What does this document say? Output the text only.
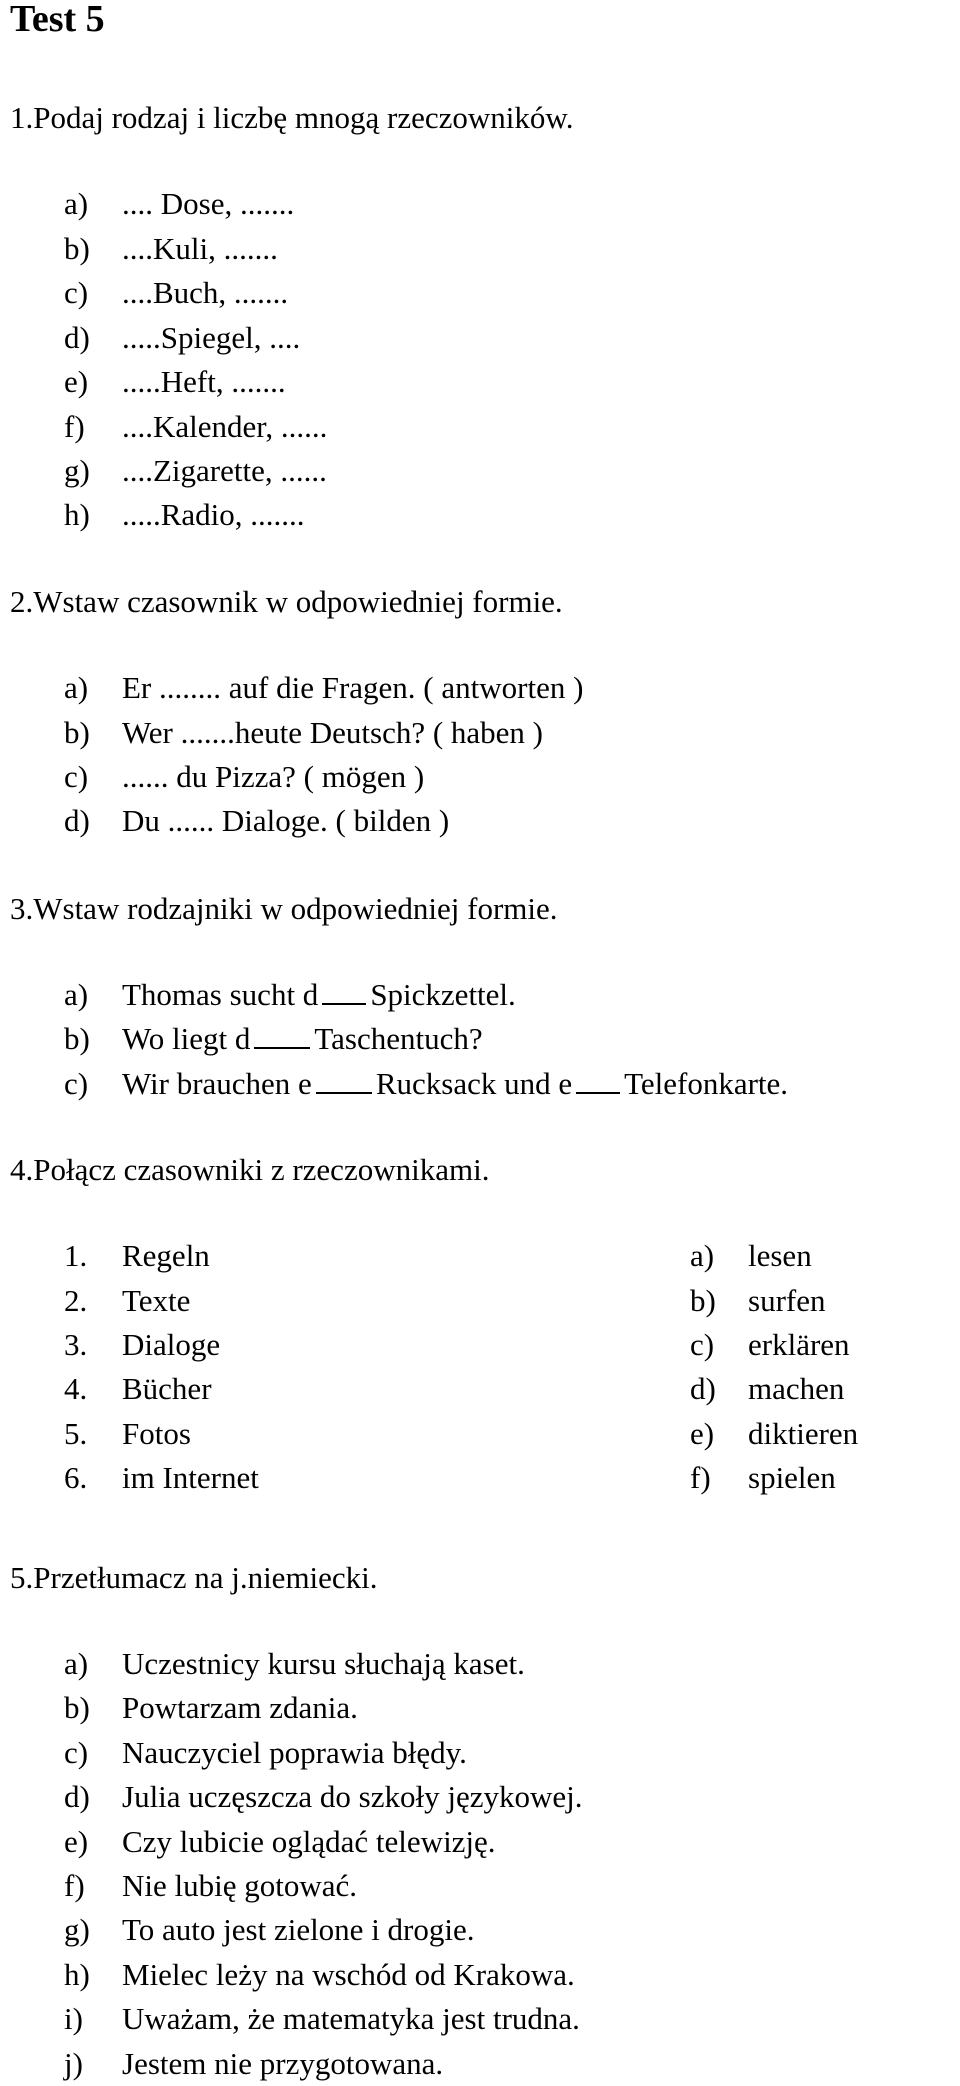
Test 5
1.Podaj rodzaj i liczbę mnogą rzeczowników.
a) .... Dose, .......
b) ....Kuli, .......
c) ....Buch, .......
d) .....Spiegel, ....
e) .....Heft, .......
f) ....Kalender, ......
g) ....Zigarette, ......
h) .....Radio, .......
2.Wstaw czasownik w odpowiedniej formie.
a) Er ........ auf die Fragen. ( antworten )
b) Wer .......heute Deutsch? ( haben )
c) ...... du Pizza? ( mögen )
d) Du ...... Dialoge. ( bilden )
3.Wstaw rodzajniki w odpowiedniej formie.
a) Thomas sucht d Spickzettel.
b) Wo liegt d Taschentuch?
c) Wir brauchen e Rucksack und e Telefonkarte.
4.Połącz czasowniki z rzeczownikami.
1. Regeln
2. Texte
3. Dialoge
4. Bücher
5. Fotos
6. im Internet
a) lesen
b) surfen
c) erklären
d) machen
e) diktieren
f) spielen
5.Przetłumacz na j.niemiecki.
a) Uczestnicy kursu słuchają kaset.
b) Powtarzam zdania.
c) Nauczyciel poprawia błędy.
d) Julia uczęszcza do szkoły językowej.
e) Czy lubicie oglądać telewizję.
f) Nie lubię gotować.
g) To auto jest zielone i drogie.
h) Mielec leży na wschód od Krakowa.
i) Uważam, że matematyka jest trudna.
j) Jestem nie przygotowana.
